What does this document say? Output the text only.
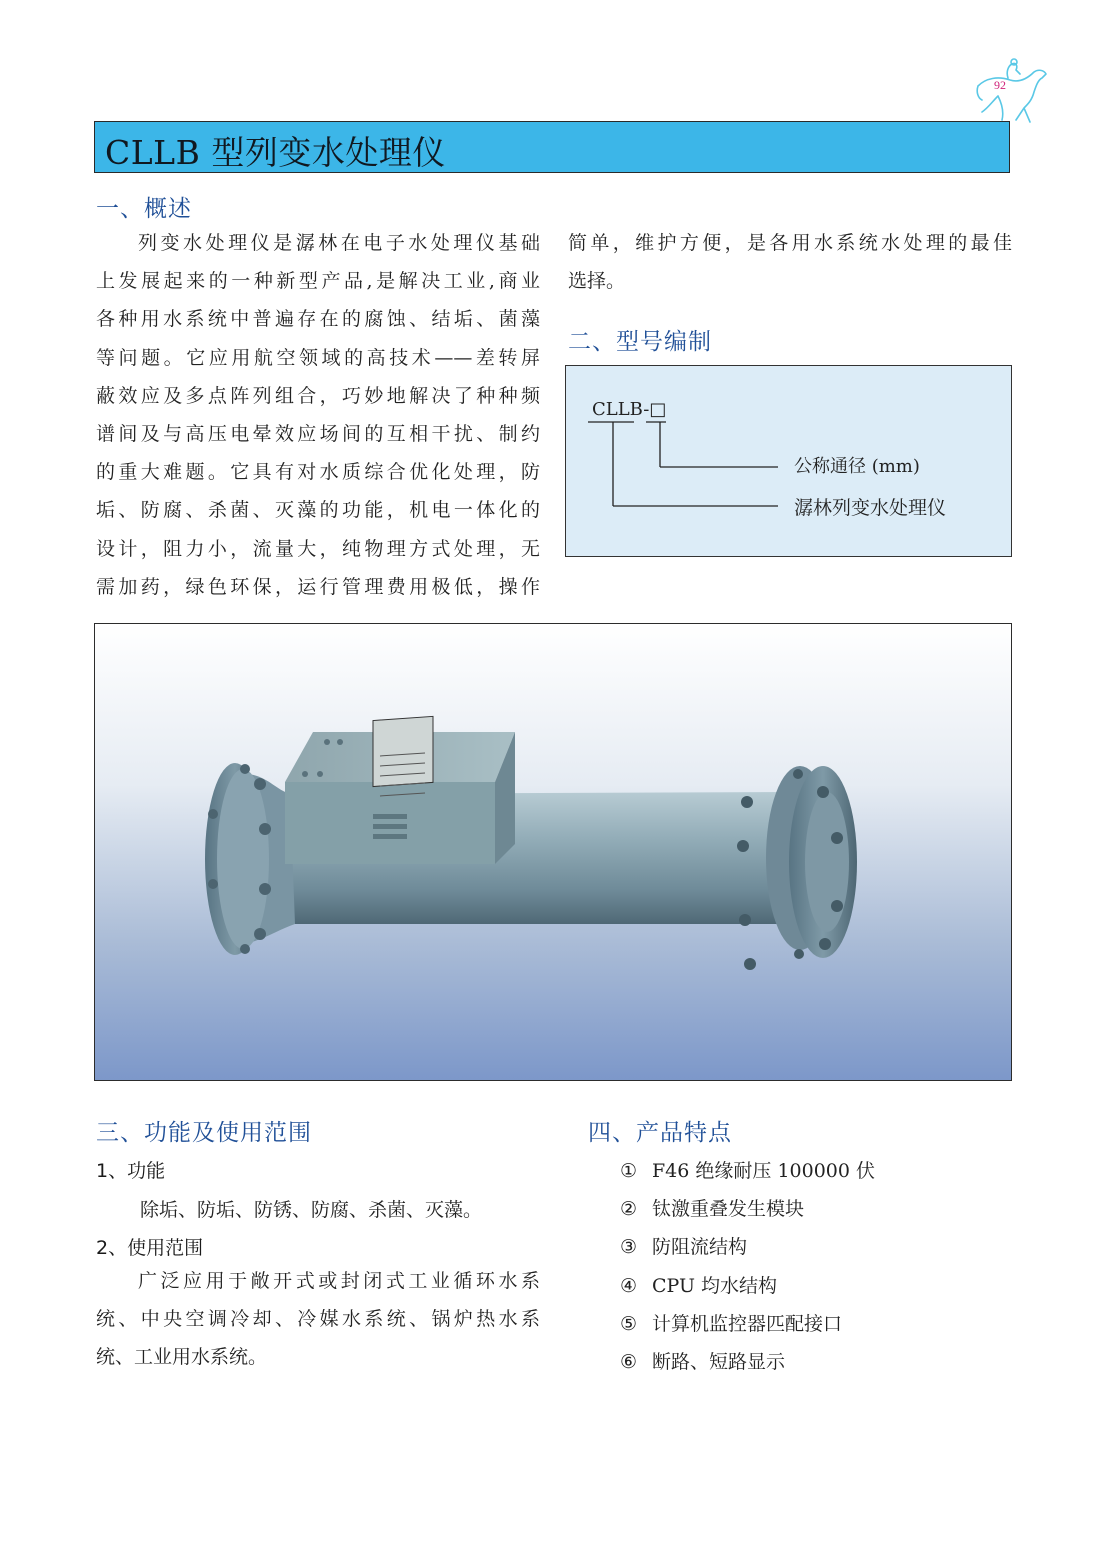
92
CLLB 型列变水处理仪
一、概述
列变水处理仪是潺林在电子水处理仪基础
上发展起来的一种新型产品,是解决工业,商业
各种用水系统中普遍存在的腐蚀、结垢、菌藻
等问题。它应用航空领域的高技术——差转屏
蔽效应及多点阵列组合，巧妙地解决了种种频
谱间及与高压电晕效应场间的互相干扰、制约
的重大难题。它具有对水质综合优化处理，防
垢、防腐、杀菌、灭藻的功能，机电一体化的
设计，阻力小，流量大，纯物理方式处理，无
需加药，绿色环保，运行管理费用极低，操作
简单，维护方便，是各用水系统水处理的最佳
选择。
二、型号编制
CLLB-□
公称通径 (mm)
潺林列变水处理仪
三、功能及使用范围
1、功能
除垢、防垢、防锈、防腐、杀菌、灭藻。
2、使用范围
广泛应用于敞开式或封闭式工业循环水系
统、中央空调冷却、冷媒水系统、锅炉热水系
统、工业用水系统。
四、产品特点
① F46 绝缘耐压 100000 伏
② 钛激重叠发生模块
③ 防阻流结构
④ CPU 均水结构
⑤ 计算机监控器匹配接口
⑥ 断路、短路显示
